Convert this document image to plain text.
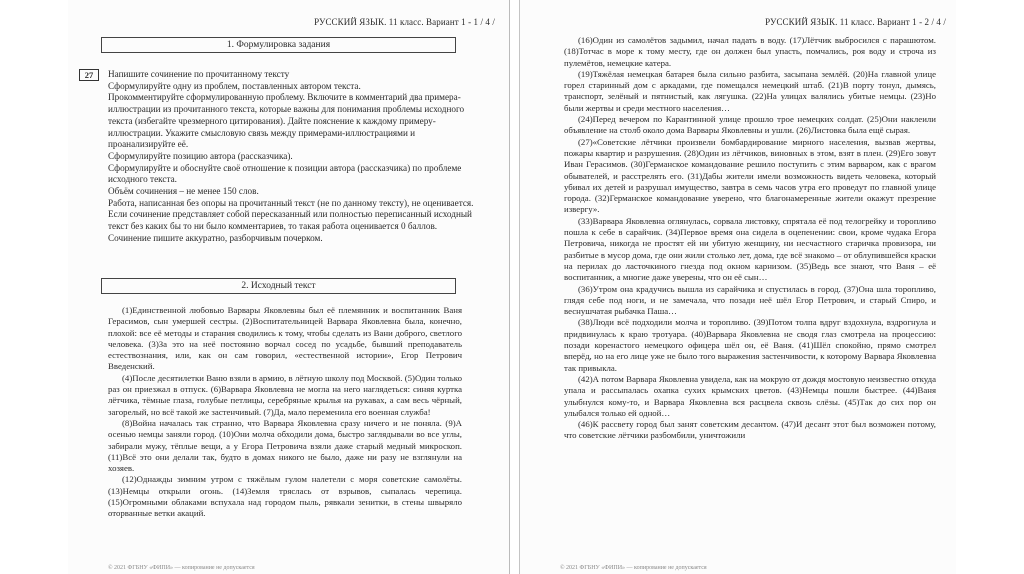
РУССКИЙ ЯЗЫК. 11 класс. Вариант 1 - 1 / 4 /
1. Формулировка задания
27	Напишите сочинение по прочитанному тексту

Сформулируйте одну из проблем, поставленных автором текста.

Прокомментируйте сформулированную проблему. Включите в комментарий два примера-иллюстрации из прочитанного текста, которые важны для понимания проблемы исходного текста (избегайте чрезмерного цитирования). Дайте пояснение к каждому примеру-иллюстрации. Укажите смысловую связь между примерами-иллюстрациями и проанализируйте её.

Сформулируйте позицию автора (рассказчика).

Сформулируйте и обоснуйте своё отношение к позиции автора (рассказчика) по проблеме исходного текста.

Объём сочинения – не менее 150 слов.

Работа, написанная без опоры на прочитанный текст (не по данному тексту), не оценивается. Если сочинение представляет собой пересказанный или полностью переписанный исходный текст без каких бы то ни было комментариев, то такая работа оценивается 0 баллов.

Сочинение пишите аккуратно, разборчивым почерком.

2. Исходный текст

(1)Единственной любовью Варвары Яковлевны был её племянник и воспитанник Ваня Герасимов, сын умершей сестры. (2)Воспитательницей Варвара Яковлевна была, конечно, плохой: все её методы и старания сводились к тому, чтобы сделать из Вани доброго, светлого человека. (3)За это на неё постоянно ворчал сосед по усадьбе, бывший преподаватель естествознания, или, как он сам говорил, «естественной истории», Егор Петрович Введенский.

(4)После десятилетки Ваню взяли в армию, в лётную школу под Москвой. (5)Один только раз он приезжал в отпуск. (6)Варвара Яковлевна не могла на него наглядеться: синяя куртка лётчика, тёмные глаза, голубые петлицы, серебряные крылья на рукавах, а сам весь чёрный, загорелый, но всё такой же застенчивый. (7)Да, мало переменила его военная служба!

(8)Война началась так странно, что Варвара Яковлевна сразу ничего и не поняла. (9)А осенью немцы заняли город. (10)Они молча обходили дома, быстро заглядывали во все углы, забирали мужу, тёплые вещи, а у Егора Петровича взяли даже старый медный микроскоп. (11)Всё это они делали так, будто в домах никого не было, даже ни разу не взглянули на хозяев.

(12)Однажды зимним утром с тяжёлым гулом налетели с моря советские самолёты. (13)Немцы открыли огонь. (14)Земля тряслась от взрывов, сыпалась черепица. (15)Огромными облаками вспухала над городом пыль, рявкали зенитки, в стены швыряло оторванные ветки акаций.

© 2021 ФГБНУ «ФИПИ» — копирование не допускается
РУССКИЙ ЯЗЫК. 11 класс. Вариант 1 - 2 / 4 /

(16)Один из самолётов задымил, начал падать в воду. (17)Лётчик выбросился с парашютом. (18)Тотчас в море к тому месту, где он должен был упасть, помчались, роя воду и строча из пулемётов, немецкие катера.

(19)Тяжёлая немецкая батарея была сильно разбита, засыпана землёй. (20)На главной улице горел старинный дом с аркадами, где помещался немецкий штаб. (21)В порту тонул, дымясь, транспорт, зелёный и пятнистый, как лягушка. (22)На улицах валялись убитые немцы. (23)Но были жертвы и среди местного населения…

(24)Перед вечером по Карантинной улице прошло трое немецких солдат. (25)Они наклеили объявление на столб около дома Варвары Яковлевны и ушли. (26)Листовка была ещё сырая.

(27)«Советские лётчики произвели бомбардирование мирного населения, вызвав жертвы, пожары квартир и разрушения. (28)Один из лётчиков, виновных в этом, взят в плен. (29)Его зовут Иван Герасимов. (30)Германское командование решило поступить с этим варваром, как с врагом обывателей, и расстрелять его. (31)Дабы жители имели возможность видеть человека, который убивал их детей и разрушал имущество, завтра в семь часов утра его проведут по главной улице города. (32)Германское командование уверено, что благонамеренные жители окажут презрение извергу».

(33)Варвара Яковлевна оглянулась, сорвала листовку, спрятала её под телогрейку и торопливо пошла к себе в сарайчик. (34)Первое время она сидела в оцепенении: свои, кроме чудака Егора Петровича, никогда не простят ей ни убитую женщину, ни несчастного старичка провизора, ни разбитые в мусор дома, где они жили столько лет, дома, где всё знакомо – от облупившейся краски на перилах до ласточкиного гнезда под окном карнизом. (35)Ведь все знают, что Ваня – её воспитанник, а многие даже уверены, что он её сын…

(36)Утром она крадучись вышла из сарайчика и спустилась в город. (37)Она шла торопливо, глядя себе под ноги, и не замечала, что позади неё шёл Егор Петрович, и старый Спиро, и веснушчатая рыбачка Паша…

(38)Люди всё подходили молча и торопливо. (39)Потом толпа вдруг вздохнула, вздрогнула и придвинулась к краю тротуара. (40)Варвара Яковлевна не сводя глаз смотрела на процессию: позади коренастого немецкого офицера шёл он, её Ваня. (41)Шёл спокойно, прямо смотрел вперёд, но на его лице уже не было того выражения застенчивости, к которому Варвара Яковлевна так привыкла.

(42)А потом Варвара Яковлевна увидела, как на мокрую от дождя мостовую неизвестно откуда упала и рассыпалась охапка сухих крымских цветов. (43)Немцы пошли быстрее. (44)Ваня улыбнулся кому-то, и Варвара Яковлевна вся расцвела сквозь слёзы. (45)Так до сих пор он улыбался только ей одной…

(46)К рассвету город был занят советским десантом. (47)И десант этот был возможен потому, что советские лётчики разбомбили, уничтожили

© 2021 ФГБНУ «ФИПИ» — копирование не допускается
